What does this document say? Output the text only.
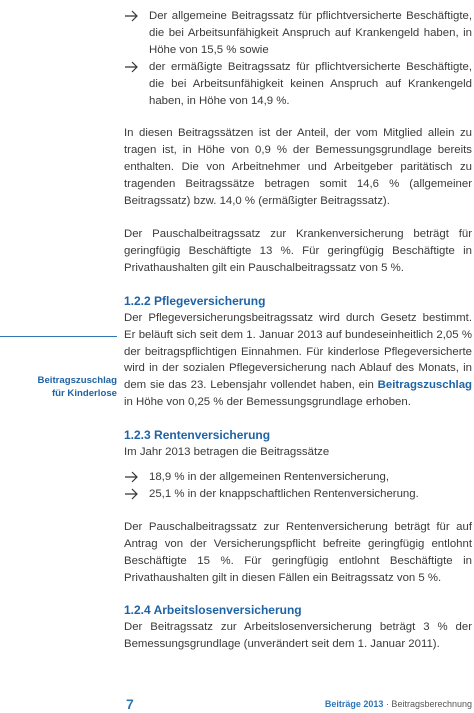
Beitragszuschlag
für Kinderlose

Der allgemeine Beitragssatz für pflichtversicherte Beschäftigte, die bei Arbeitsunfähigkeit Anspruch auf Krankengeld haben, in Höhe von 15,5 % sowie

der ermäßigte Beitragssatz für pflichtversicherte Beschäftigte, die bei Arbeitsunfähigkeit keinen Anspruch auf Krankengeld haben, in Höhe von 14,9 %.

In diesen Beitragssätzen ist der Anteil, der vom Mitglied allein zu tragen ist, in Höhe von 0,9 % der Bemessungsgrundlage bereits enthalten. Die von Arbeitnehmer und Arbeitgeber paritätisch zu tragenden Beitragssätze betragen somit 14,6 % (allgemeiner Beitragssatz) bzw. 14,0 % (ermäßigter Beitragssatz).

Der Pauschalbeitragssatz zur Krankenversicherung beträgt für geringfügig Beschäftigte 13 %. Für geringfügig Beschäftigte in Privathaushalten gilt ein Pauschalbeitragssatz von 5 %.

1.2.2 Pflegeversicherung

Der Pflegeversicherungsbeitragssatz wird durch Gesetz bestimmt. Er beläuft sich seit dem 1. Januar 2013 auf bundeseinheitlich 2,05 % der beitragspflichtigen Einnahmen. Für kinderlose Pflegeversicherte wird in der sozialen Pflegeversicherung nach Ablauf des Monats, in dem sie das 23. Lebensjahr vollendet haben, ein Beitragszuschlag in Höhe von 0,25 % der Bemessungsgrundlage erhoben.

1.2.3 Rentenversicherung

Im Jahr 2013 betragen die Beitragssätze

18,9 % in der allgemeinen Rentenversicherung,

25,1 % in der knappschaftlichen Rentenversicherung.

Der Pauschalbeitragssatz zur Rentenversicherung beträgt für auf Antrag von der Versicherungspflicht befreite geringfügig entlohnt Beschäftigte 15 %. Für geringfügig entlohnt Beschäftigte in Privathaushalten gilt in diesen Fällen ein Beitragssatz von 5 %.

1.2.4 Arbeitslosenversicherung

Der Beitragssatz zur Arbeitslosenversicherung beträgt 3 % der Bemessungsgrundlage (unverändert seit dem 1. Januar 2011).

7	Beiträge 2013 · Beitragsberechnung
